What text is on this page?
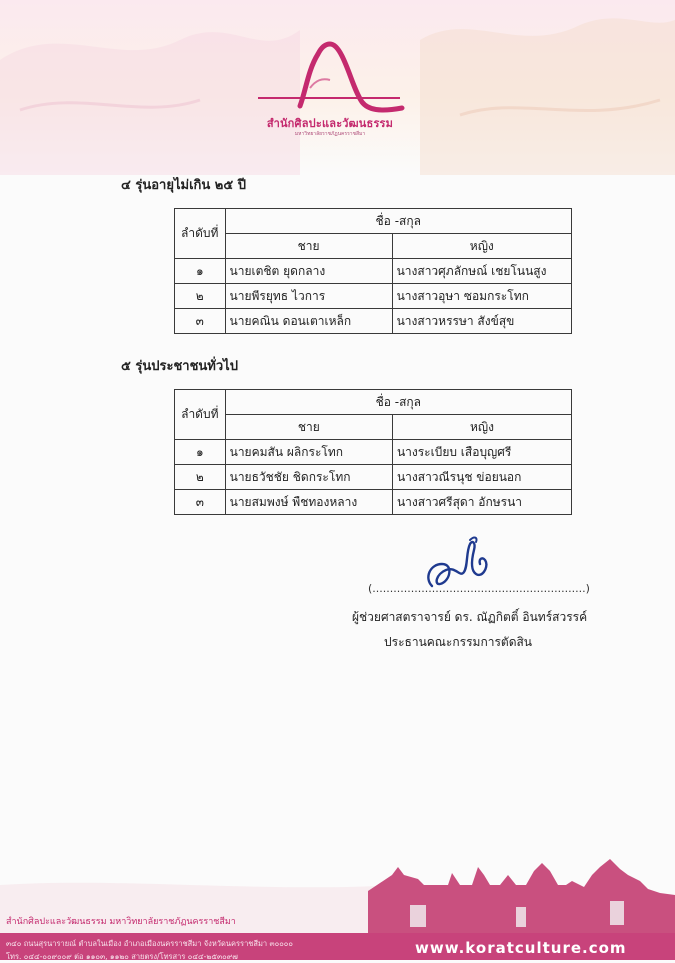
สำนักศิลปะและวัฒนธรรม
มหาวิทยาลัยราชภัฏนครราชสีมา
๔ รุ่นอายุไม่เกิน ๒๕ ปี
ลำดับที่	ชื่อ -สกุล	
	ชาย	หญิง
๑	นายเตชิต ยุดกลาง	นางสาวศุภลักษณ์ เชยโนนสูง
๒	นายพีรยุทธ ไวการ	นางสาวอุษา ซอมกระโทก
๓	นายคณิน ดอนเตาเหล็ก	นางสาวหรรษา สังข์สุข
๕ รุ่นประชาชนทั่วไป
ลำดับที่	ชื่อ -สกุล	
	ชาย	หญิง
๑	นายคมสัน ผลิกระโทก	นางระเบียบ เสือบุญศรี
๒	นายธวัชชัย ชิดกระโทก	นางสาวณีรนุช ข่อยนอก
๓	นายสมพงษ์ พืชทองหลาง	นางสาวศรีสุดา อักษรนา
(.............................................................)
ผู้ช่วยศาสตราจารย์ ดร. ณัฏกิตติ์ อินทร์สวรรค์
ประธานคณะกรรมการตัดสิน
สำนักศิลปะและวัฒนธรรม มหาวิทยาลัยราชภัฏนครราชสีมา
๓๔๐ ถนนสุรนารายณ์ ตำบลในเมือง อำเภอเมืองนครราชสีมา จังหวัดนครราชสีมา ๓๐๐๐๐
โทร. ๐๔๔-๐๐๙๐๐๙ ต่อ ๑๑๐๓, ๑๑๒๐ สายตรง/โทรสาร ๐๔๔-๒๕๓๐๙๗	www.koratculture.com
